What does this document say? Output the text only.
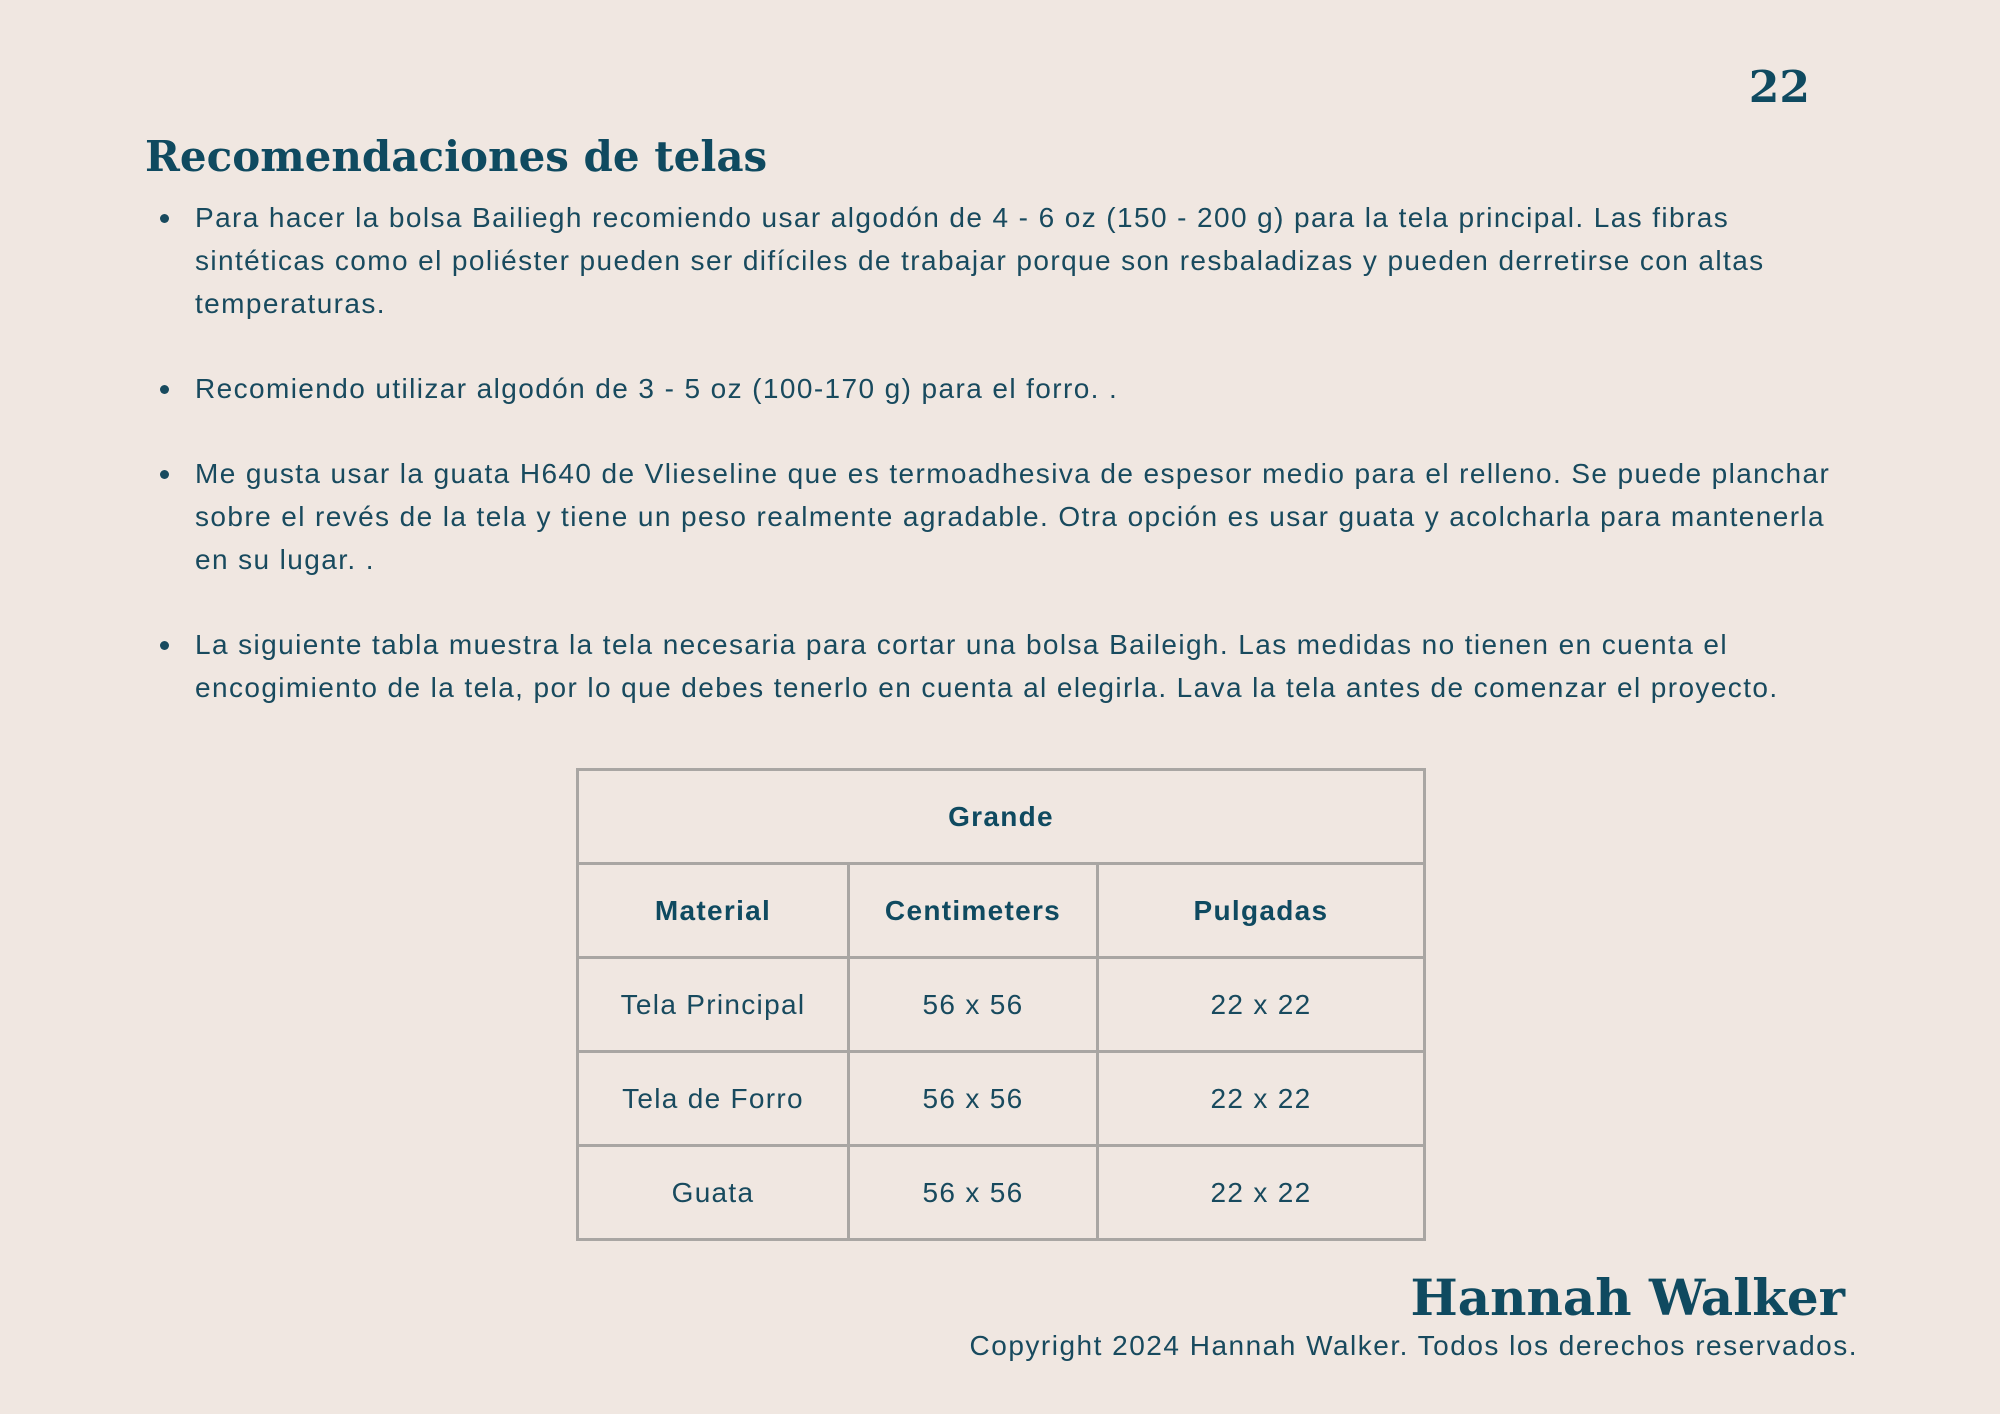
22
Recomendaciones de telas
Para hacer la bolsa Bailiegh recomiendo usar algodón de 4 - 6 oz (150 - 200 g) para la tela principal. Las fibras sintéticas como el poliéster pueden ser difíciles de trabajar porque son resbaladizas y pueden derretirse con altas temperaturas.
Recomiendo utilizar algodón de 3 - 5 oz (100-170 g) para el forro. .
Me gusta usar la guata H640 de Vlieseline que es termoadhesiva de espesor medio para el relleno. Se puede planchar sobre el revés de la tela y tiene un peso realmente agradable. Otra opción es usar guata y acolcharla para mantenerla en su lugar. .
La siguiente tabla muestra la tela necesaria para cortar una bolsa Baileigh. Las medidas no tienen en cuenta el encogimiento de la tela, por lo que debes tenerlo en cuenta al elegirla. Lava la tela antes de comenzar el proyecto.
Grande		
Material	Centimeters	Pulgadas
Tela Principal	56 x 56	22 x 22
Tela de Forro	56 x 56	22 x 22
Guata	56 x 56	22 x 22
Hannah Walker
Copyright 2024 Hannah Walker. Todos los derechos reservados.
